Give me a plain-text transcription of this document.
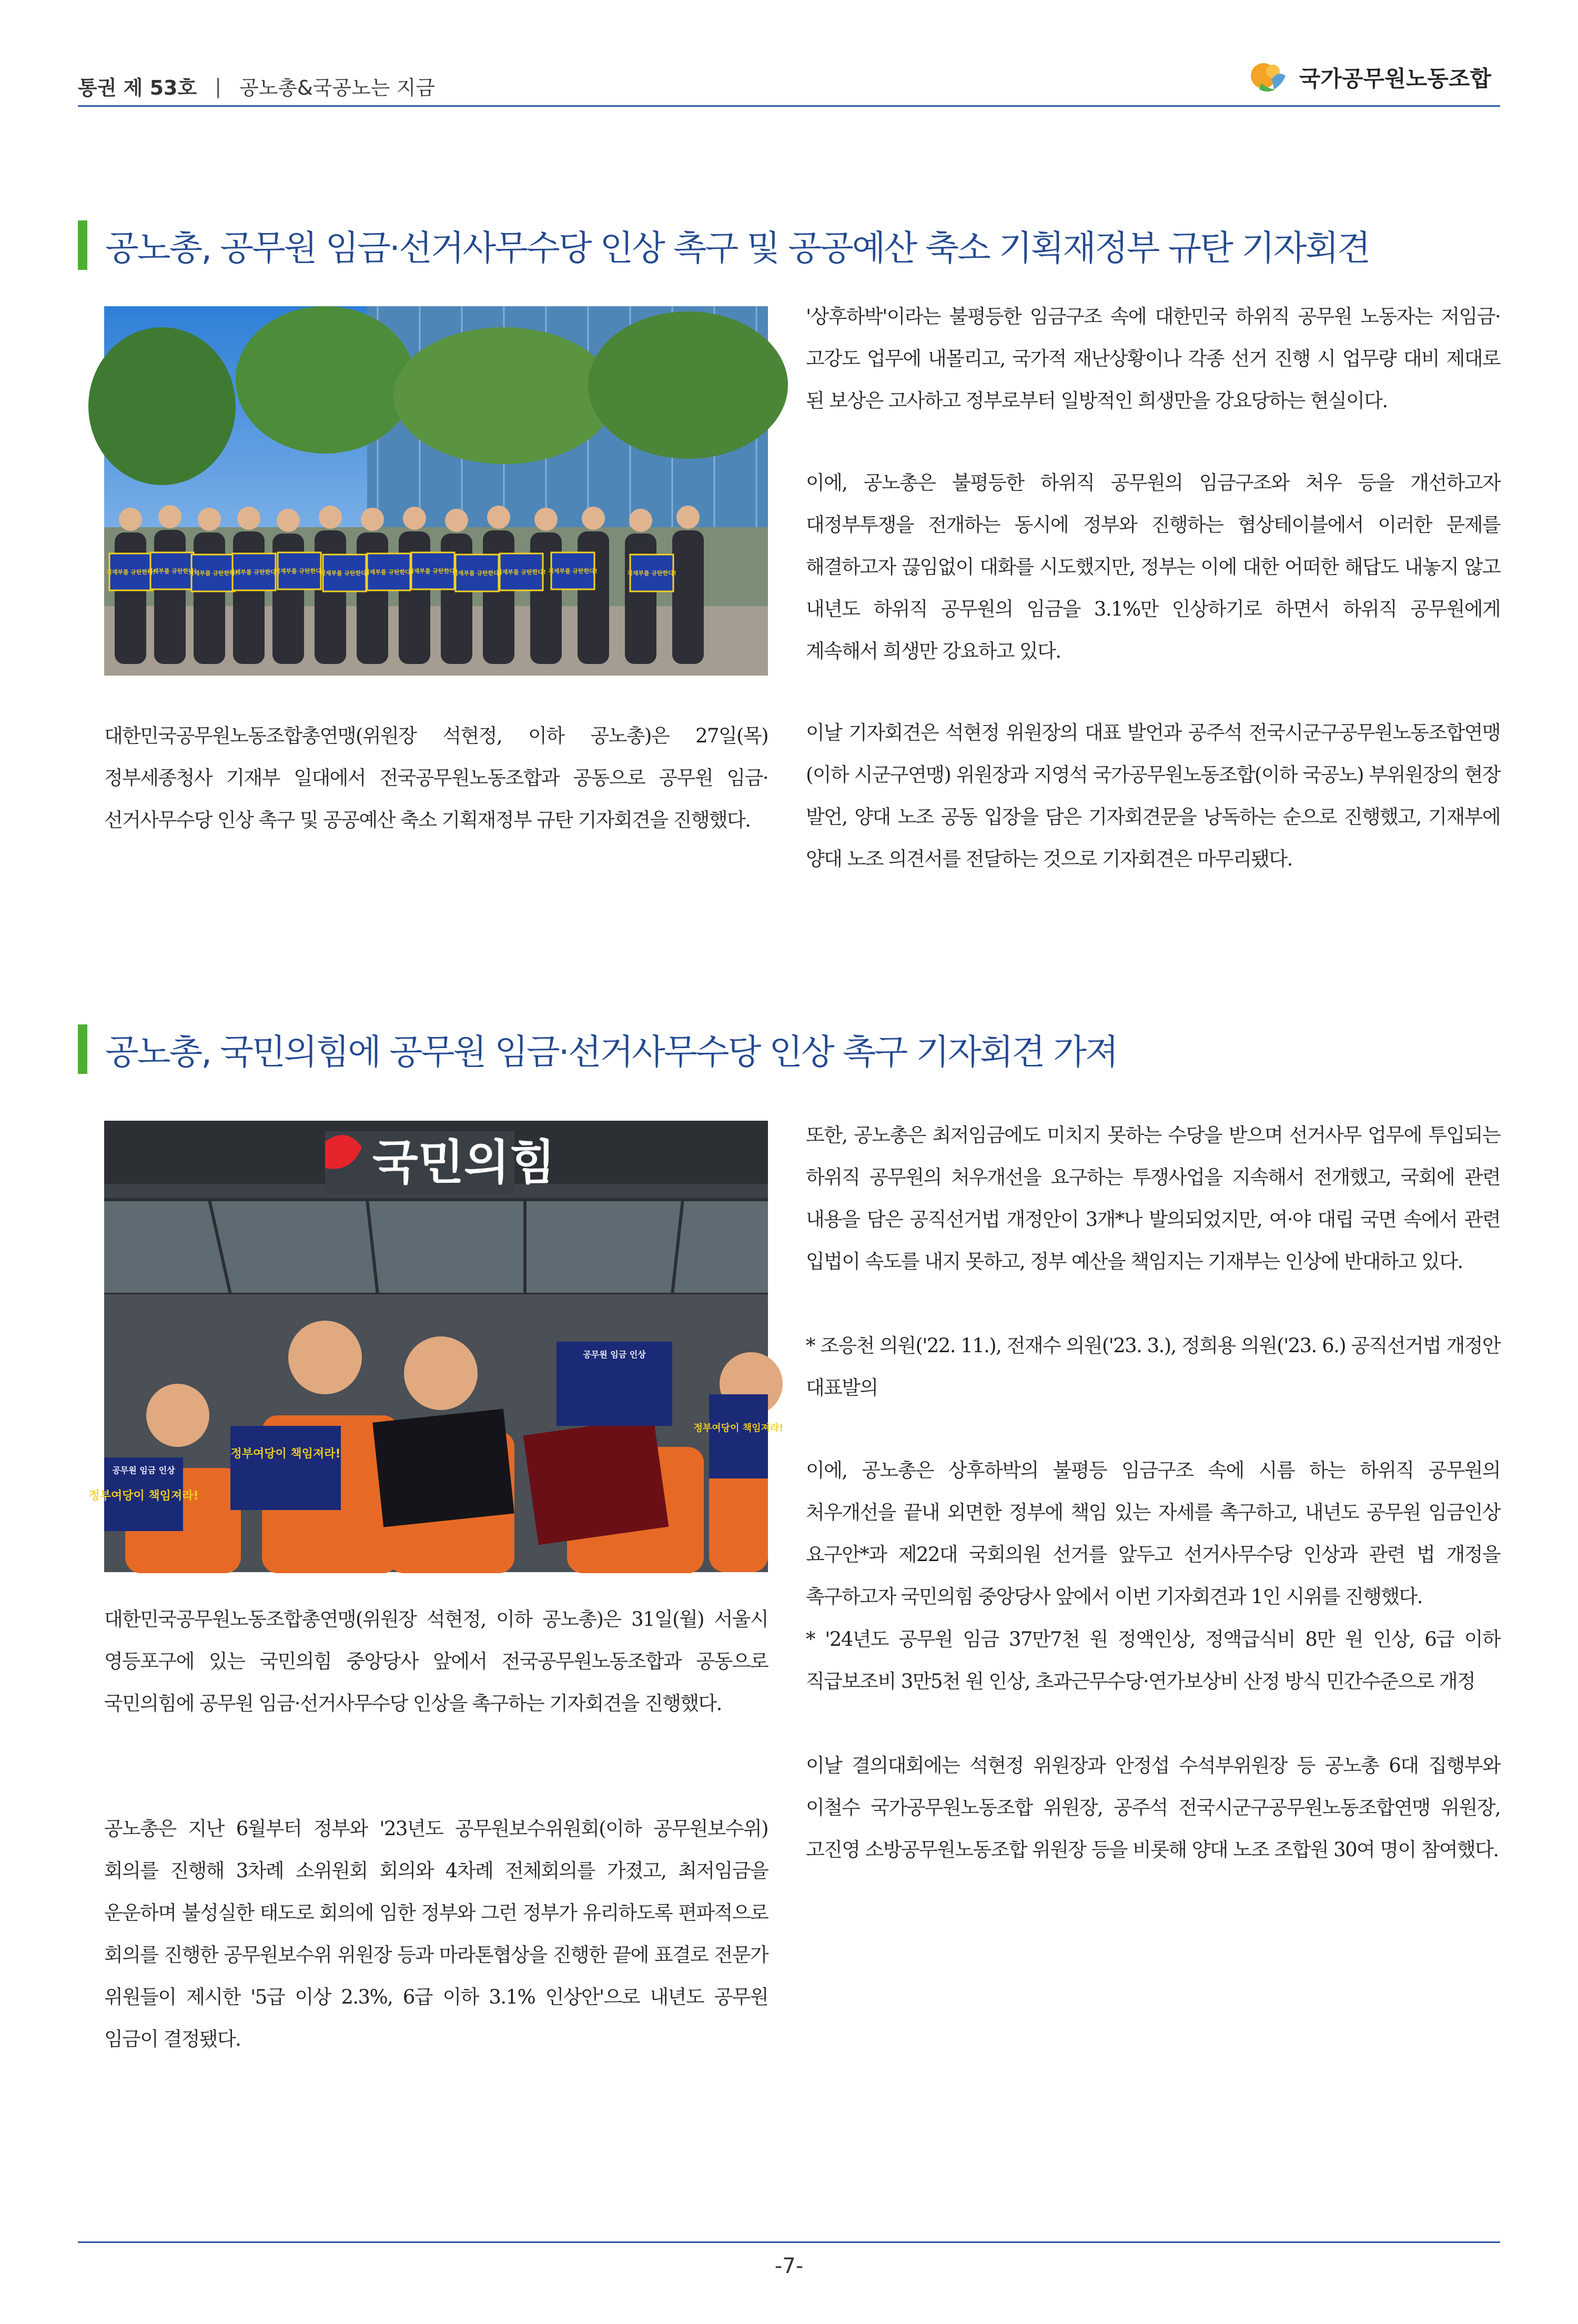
통권 제 53호 | 공노총&국공노는 지금	국가공무원노동조합
공노총, 공무원 임금·선거사무수당 인상 촉구 및 공공예산 축소 기획재정부 규탄 기자회견
기재부를 규탄한다!
기재부를 규탄한다!
기재부를 규탄한다!
기재부를 규탄한다!
기재부를 규탄한다!
기재부를 규탄한다!
기재부를 규탄한다!
기재부를 규탄한다!
기재부를 규탄한다!
기재부를 규탄한다! 기재부를 규탄한다!	기재부를 규탄한다!

대한민국공무원노동조합총연맹(위원장 석현정, 이하 공노총)은 27일(목) 정부세종청사 기재부 일대에서 전국공무원노동조합과 공동으로 공무원 임금·선거사무수당 인상 촉구 및 공공예산 축소 기획재정부 규탄 기자회견을 진행했다.

'상후하박'이라는 불평등한 임금구조 속에 대한민국 하위직 공무원 노동자는 저임금·고강도 업무에 내몰리고, 국가적 재난상황이나 각종 선거 진행 시 업무량 대비 제대로 된 보상은 고사하고 정부로부터 일방적인 희생만을 강요당하는 현실이다.

이에, 공노총은 불평등한 하위직 공무원의 임금구조와 처우 등을 개선하고자 대정부투쟁을 전개하는 동시에 정부와 진행하는 협상테이블에서 이러한 문제를 해결하고자 끊임없이 대화를 시도했지만, 정부는 이에 대한 어떠한 해답도 내놓지 않고 내년도 하위직 공무원의 임금을 3.1%만 인상하기로 하면서 하위직 공무원에게 계속해서 희생만 강요하고 있다.

이날 기자회견은 석현정 위원장의 대표 발언과 공주석 전국시군구공무원노동조합연맹(이하 시군구연맹) 위원장과 지영석 국가공무원노동조합(이하 국공노) 부위원장의 현장 발언, 양대 노조 공동 입장을 담은 기자회견문을 낭독하는 순으로 진행했고, 기재부에 양대 노조 의견서를 전달하는 것으로 기자회견은 마무리됐다.

공노총, 국민의힘에 공무원 임금·선거사무수당 인상 촉구 기자회견 가져
국민의힘
공무원 임금 인상
정부여당이 책임져라!
정부여당이 책임져라!
공무원 임금 인상
정부여당이 책임져라!

대한민국공무원노동조합총연맹(위원장 석현정, 이하 공노총)은 31일(월) 서울시 영등포구에 있는 국민의힘 중앙당사 앞에서 전국공무원노동조합과 공동으로 국민의힘에 공무원 임금·선거사무수당 인상을 촉구하는 기자회견을 진행했다.

공노총은 지난 6월부터 정부와 '23년도 공무원보수위원회(이하 공무원보수위) 회의를 진행해 3차례 소위원회 회의와 4차례 전체회의를 가졌고, 최저임금을 운운하며 불성실한 태도로 회의에 임한 정부와 그런 정부가 유리하도록 편파적으로 회의를 진행한 공무원보수위 위원장 등과 마라톤협상을 진행한 끝에 표결로 전문가 위원들이 제시한 '5급 이상 2.3%, 6급 이하 3.1% 인상안'으로 내년도 공무원 임금이 결정됐다.

또한, 공노총은 최저임금에도 미치지 못하는 수당을 받으며 선거사무 업무에 투입되는 하위직 공무원의 처우개선을 요구하는 투쟁사업을 지속해서 전개했고, 국회에 관련 내용을 담은 공직선거법 개정안이 3개*나 발의되었지만, 여·야 대립 국면 속에서 관련 입법이 속도를 내지 못하고, 정부 예산을 책임지는 기재부는 인상에 반대하고 있다.

* 조응천 의원('22. 11.), 전재수 의원('23. 3.), 정희용 의원('23. 6.) 공직선거법 개정안 대표발의

이에, 공노총은 상후하박의 불평등 임금구조 속에 시름 하는 하위직 공무원의 처우개선을 끝내 외면한 정부에 책임 있는 자세를 촉구하고, 내년도 공무원 임금인상 요구안*과 제22대 국회의원 선거를 앞두고 선거사무수당 인상과 관련 법 개정을 촉구하고자 국민의힘 중앙당사 앞에서 이번 기자회견과 1인 시위를 진행했다.

* '24년도 공무원 임금 37만7천 원 정액인상, 정액급식비 8만 원 인상, 6급 이하 직급보조비 3만5천 원 인상, 초과근무수당·연가보상비 산정 방식 민간수준으로 개정

이날 결의대회에는 석현정 위원장과 안정섭 수석부위원장 등 공노총 6대 집행부와 이철수 국가공무원노동조합 위원장, 공주석 전국시군구공무원노동조합연맹 위원장, 고진영 소방공무원노동조합 위원장 등을 비롯해 양대 노조 조합원 30여 명이 참여했다.

-7-
